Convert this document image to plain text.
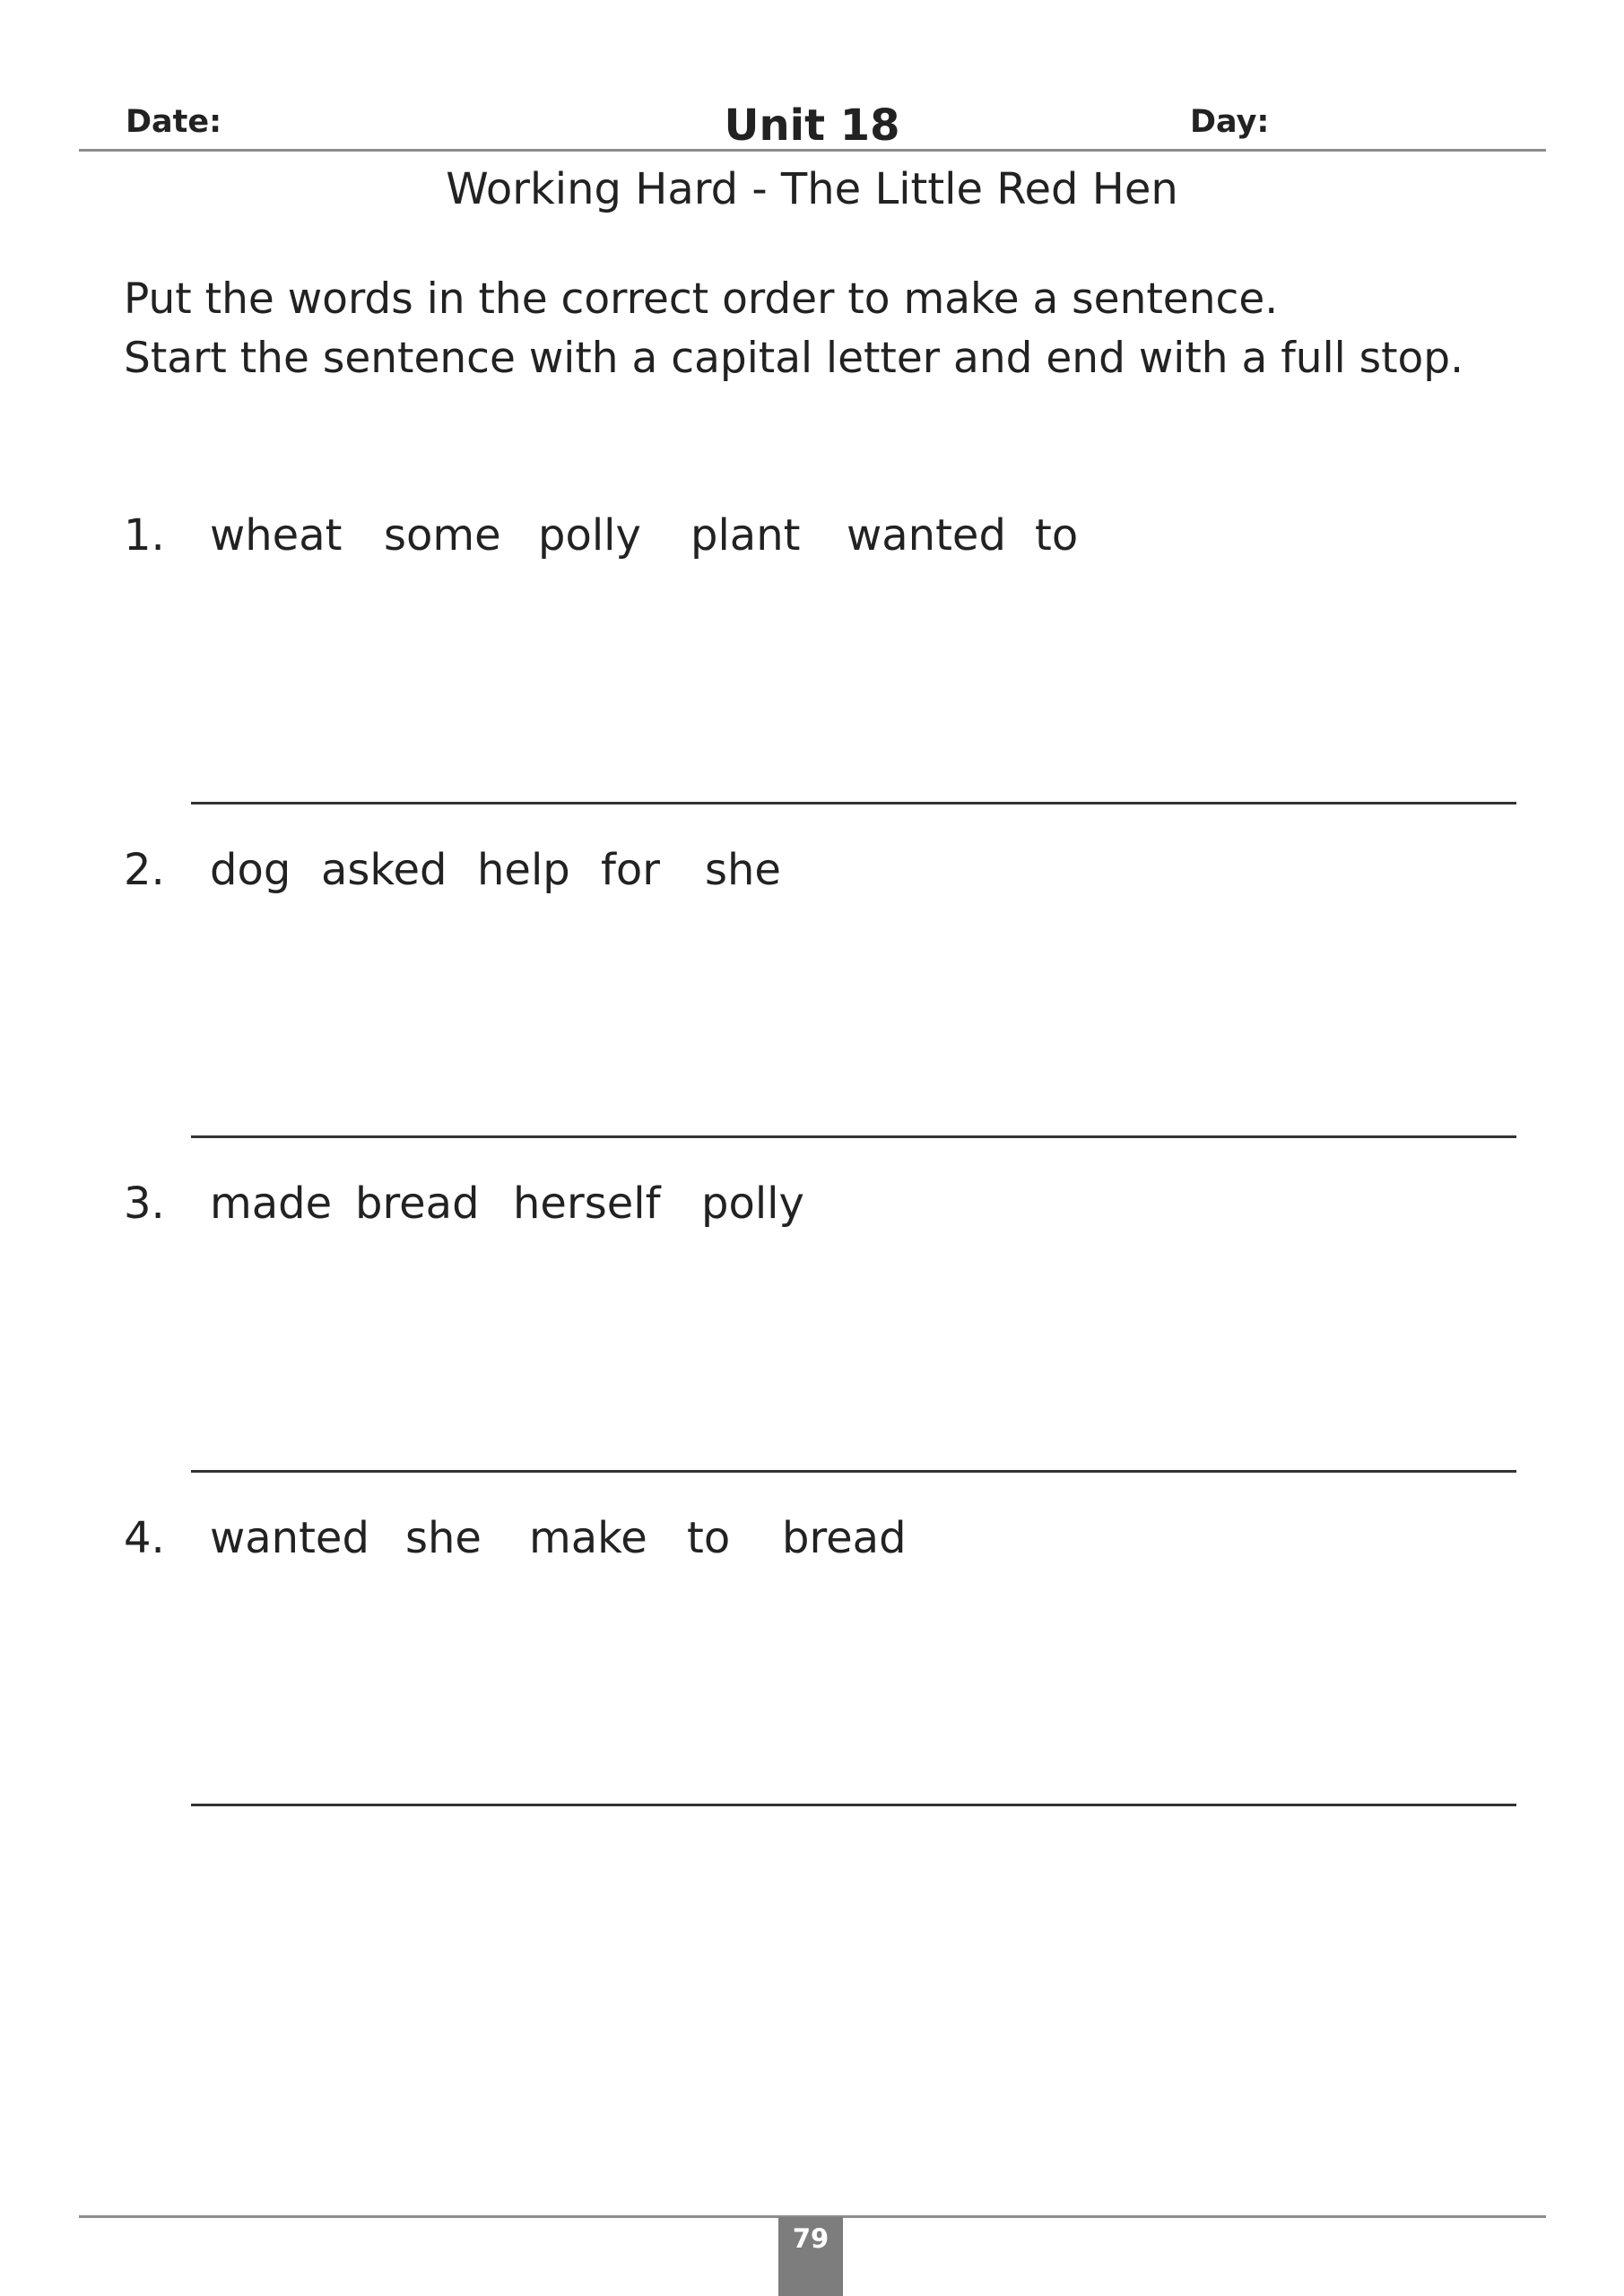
Date:	Unit 18	Day:
Working Hard - The Little Red Hen
Put the words in the correct order to make a sentence.
Start the sentence with a capital letter and end with a full stop.
1. wheat some polly plant wanted to
2. dog asked help for she
3. made bread herself polly
4. wanted she make to bread
79
